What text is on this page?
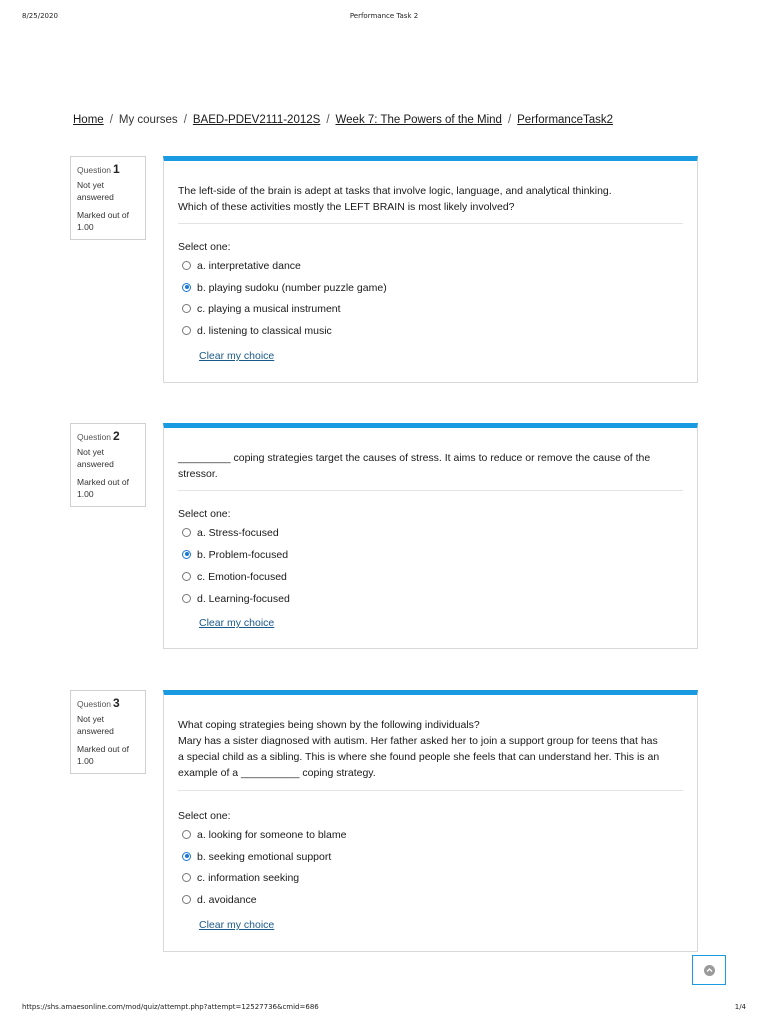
8/25/2020	Performance Task 2
Home / My courses / BAED-PDEV2111-2012S / Week 7: The Powers of the Mind / PerformanceTask2
Question 1
Not yet
answered
Marked out of
1.00
The left-side of the brain is adept at tasks that involve logic, language, and analytical thinking.
Which of these activities mostly the LEFT BRAIN is most likely involved?
Select one:
a. interpretative dance
b. playing sudoku (number puzzle game)
c. playing a musical instrument
d. listening to classical music
Clear my choice
Question 2
Not yet
answered
Marked out of
1.00
_________ coping strategies target the causes of stress. It aims to reduce or remove the cause of the
stressor.
Select one:
a. Stress-focused
b. Problem-focused
c. Emotion-focused
d. Learning-focused
Clear my choice
Question 3
Not yet
answered
Marked out of
1.00
What coping strategies being shown by the following individuals?
Mary has a sister diagnosed with autism. Her father asked her to join a support group for teens that has
a special child as a sibling. This is where she found people she feels that can understand her. This is an
example of a __________ coping strategy.
Select one:
a. looking for someone to blame
b. seeking emotional support
c. information seeking
d. avoidance
Clear my choice
https://shs.amaesonline.com/mod/quiz/attempt.php?attempt=12527736&cmid=686	1/4
